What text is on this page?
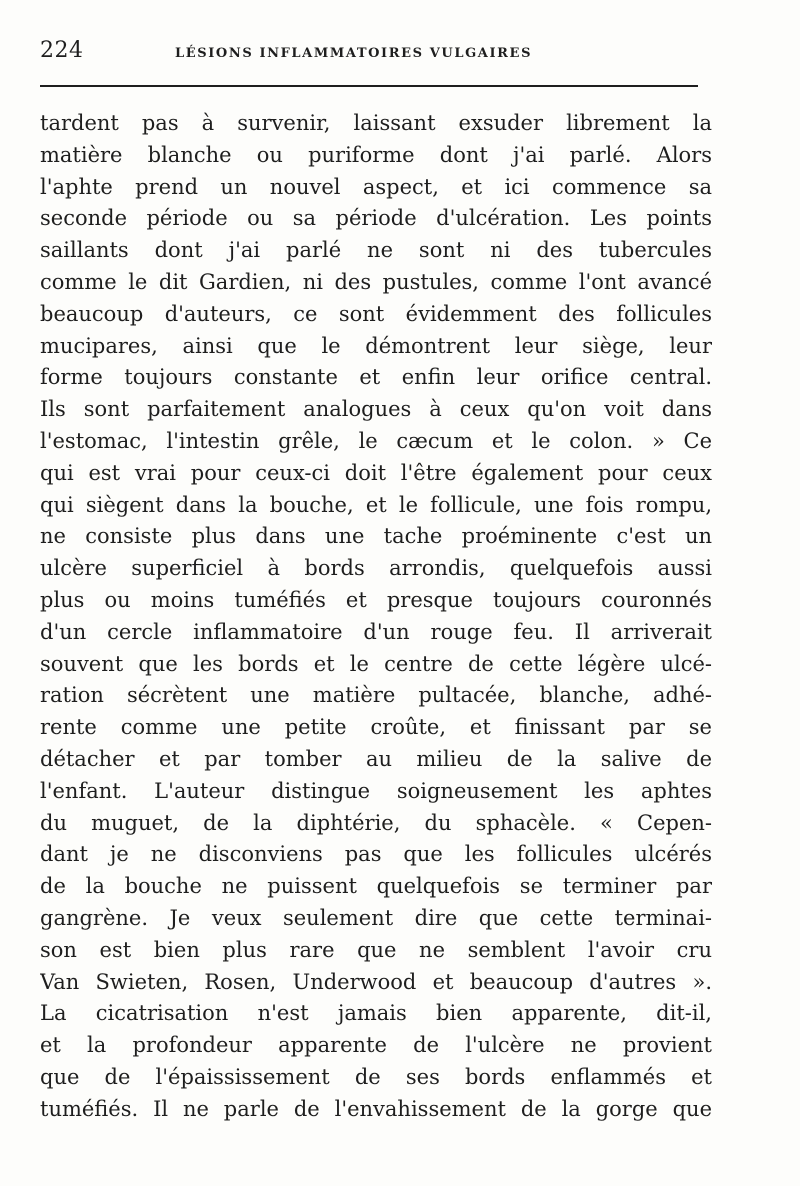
224	LÉSIONS INFLAMMATOIRES VULGAIRES
tardent pas à survenir, laissant exsuder librement la
matière blanche ou puriforme dont j'ai parlé. Alors
l'aphte prend un nouvel aspect, et ici commence sa
seconde période ou sa période d'ulcération. Les points
saillants dont j'ai parlé ne sont ni des tubercules
comme le dit Gardien, ni des pustules, comme l'ont avancé
beaucoup d'auteurs, ce sont évidemment des follicules
mucipares, ainsi que le démontrent leur siège, leur
forme toujours constante et enfin leur orifice central.
Ils sont parfaitement analogues à ceux qu'on voit dans
l'estomac, l'intestin grêle, le cæcum et le colon. » Ce
qui est vrai pour ceux-ci doit l'être également pour ceux
qui siègent dans la bouche, et le follicule, une fois rompu,
ne consiste plus dans une tache proéminente c'est un
ulcère superficiel à bords arrondis, quelquefois aussi
plus ou moins tuméfiés et presque toujours couronnés
d'un cercle inflammatoire d'un rouge feu. Il arriverait
souvent que les bords et le centre de cette légère ulcé-
ration sécrètent une matière pultacée, blanche, adhé-
rente comme une petite croûte, et finissant par se
détacher et par tomber au milieu de la salive de
l'enfant. L'auteur distingue soigneusement les aphtes
du muguet, de la diphtérie, du sphacèle. « Cepen-
dant je ne disconviens pas que les follicules ulcérés
de la bouche ne puissent quelquefois se terminer par
gangrène. Je veux seulement dire que cette terminai-
son est bien plus rare que ne semblent l'avoir cru
Van Swieten, Rosen, Underwood et beaucoup d'autres ».
La cicatrisation n'est jamais bien apparente, dit-il,
et la profondeur apparente de l'ulcère ne provient
que de l'épaississement de ses bords enflammés et
tuméfiés. Il ne parle de l'envahissement de la gorge que
